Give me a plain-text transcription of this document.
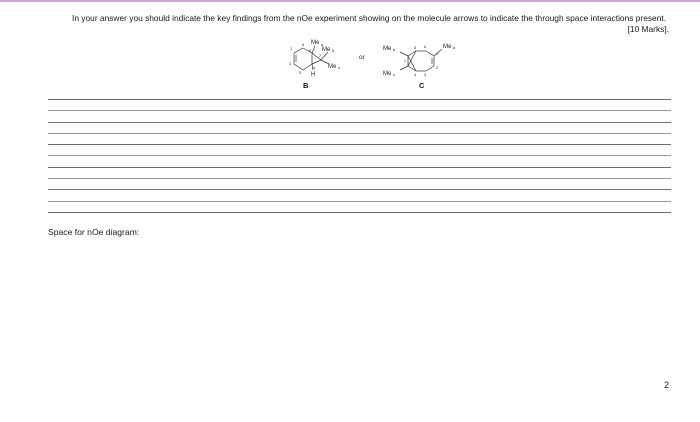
In your answer you should indicate the key findings from the nOe experiment showing on the molecule arrows to indicate the through space interactions present.
[10 Marks].
Me a
Me b
Me c
H
1
2
3
4
5
6
7
B
or
Me b
Me c
Me a
1
2
3
4
5 6
7
C
Space for nOe diagram:
2
